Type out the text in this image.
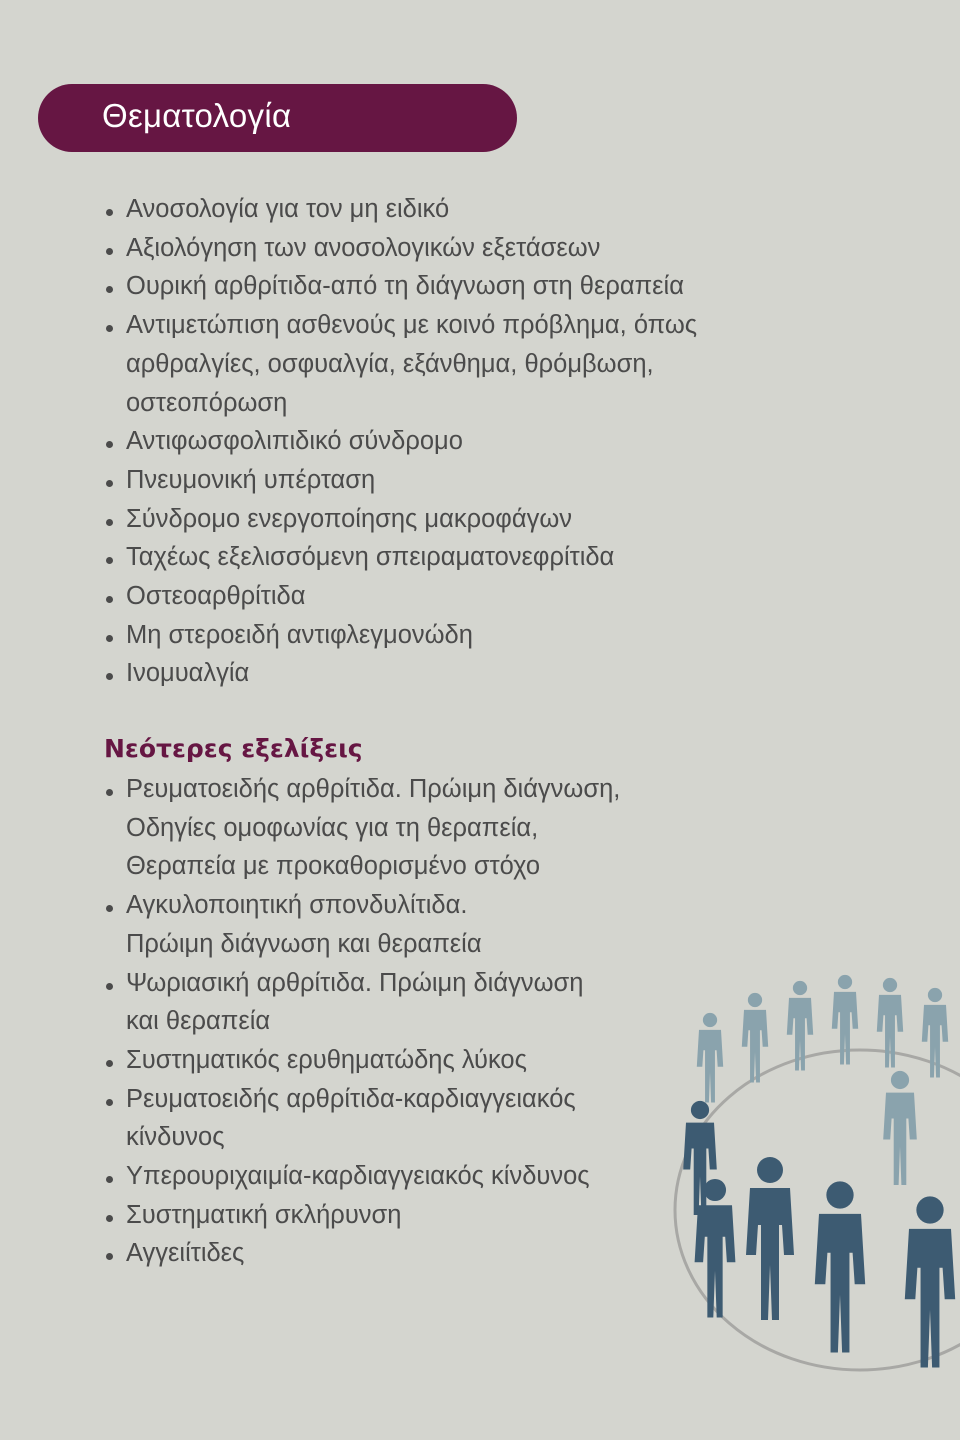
Θεματολογία
Ανοσολογία για τον μη ειδικό
Αξιολόγηση των ανοσολογικών εξετάσεων
Ουρική αρθρίτιδα-από τη διάγνωση στη θεραπεία
Αντιμετώπιση ασθενούς με κοινό πρόβλημα, όπως
αρθραλγίες, οσφυαλγία, εξάνθημα, θρόμβωση,
οστεοπόρωση
Αντιφωσφολιπιδικό σύνδρομο
Πνευμονική υπέρταση
Σύνδρομο ενεργοποίησης μακροφάγων
Ταχέως εξελισσόμενη σπειραματονεφρίτιδα
Οστεοαρθρίτιδα
Μη στεροειδή αντιφλεγμονώδη
Ινομυαλγία
Νεότερες εξελίξεις
Ρευματοειδής αρθρίτιδα. Πρώιμη διάγνωση,
Οδηγίες ομοφωνίας για τη θεραπεία,
Θεραπεία με προκαθορισμένο στόχο
Αγκυλοποιητική σπονδυλίτιδα.
Πρώιμη διάγνωση και θεραπεία
Ψωριασική αρθρίτιδα. Πρώιμη διάγνωση
και θεραπεία
Συστηματικός ερυθηματώδης λύκος
Ρευματοειδής αρθρίτιδα-καρδιαγγειακός
κίνδυνος
Υπερουριχαιμία-καρδιαγγειακός κίνδυνος
Συστηματική σκλήρυνση
Αγγειίτιδες
